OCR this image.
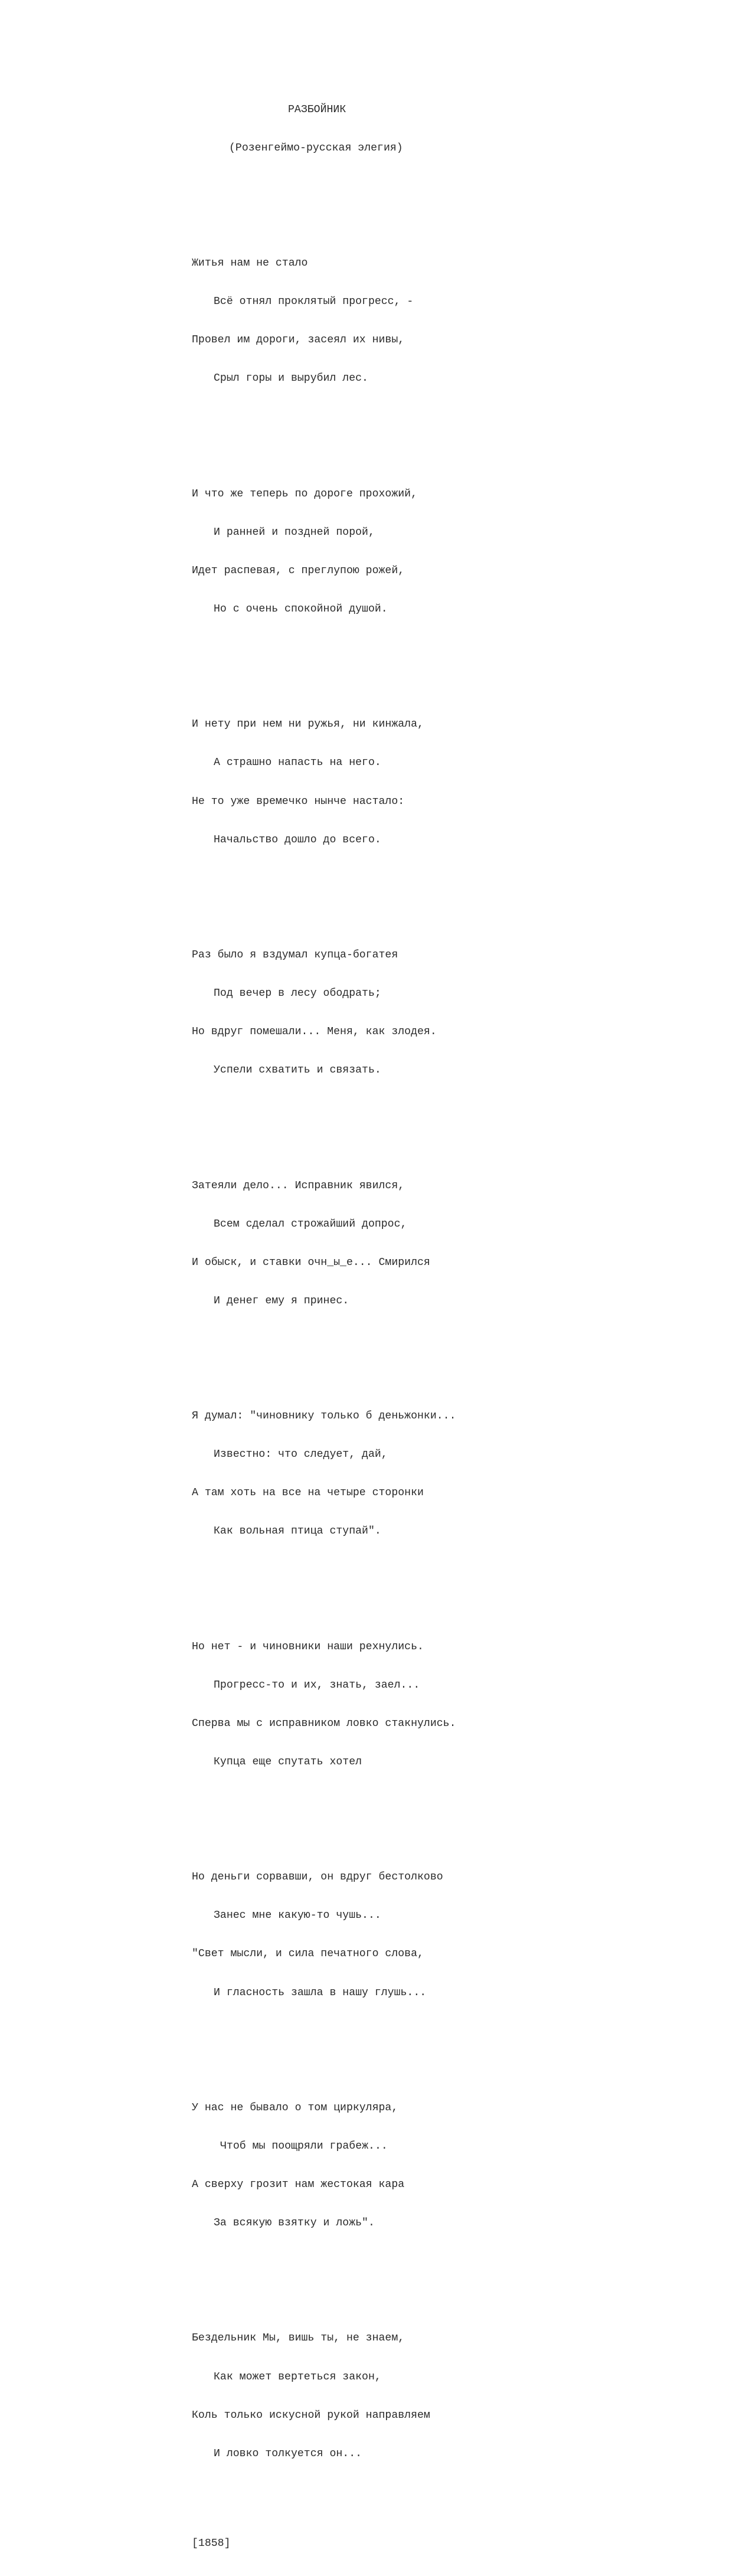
РАЗБОЙНИК

(Розенгеймо-русская элегия)

Житья нам не стало

Всё отнял проклятый прогресс, -

Провел им дороги, засеял их нивы,

Срыл горы и вырубил лес.

И что же теперь по дороге прохожий,

И ранней и поздней порой,

Идет распевая, с преглупою рожей,

Но с очень спокойной душой.

И нету при нем ни ружья, ни кинжала,

А страшно напасть на него.

Не то уже времечко нынче настало:

Начальство дошло до всего.

Раз было я вздумал купца-богатея

Под вечер в лесу ободрать;

Но вдруг помешали... Меня, как злодея.

Успели схватить и связать.

Затеяли дело... Исправник явился,

Всем сделал строжайший допрос,

И обыск, и ставки очн_ы_е... Смирился

И денег ему я принес.

Я думал: "чиновнику только б деньжонки...

Известно: что следует, дай,

А там хоть на все на четыре сторонки

Как вольная птица ступай".

Но нет - и чиновники наши рехнулись.

Прогресс-то и их, знать, заел...

Сперва мы с исправником ловко стакнулись.

Купца еще спутать хотел

Но деньги сорвавши, он вдруг бестолково

Занес мне какую-то чушь...

"Свет мысли, и сила печатного слова,

И гласность зашла в нашу глушь...

У нас не бывало о том циркуляра,

Чтоб мы поощряли грабеж...

А сверху грозит нам жестокая кара

За всякую взятку и ложь".

Бездельник Мы, вишь ты, не знаем,

Как может вертеться закон,

Коль только искусной рукой направляем

И ловко толкуется он...

[1858]
